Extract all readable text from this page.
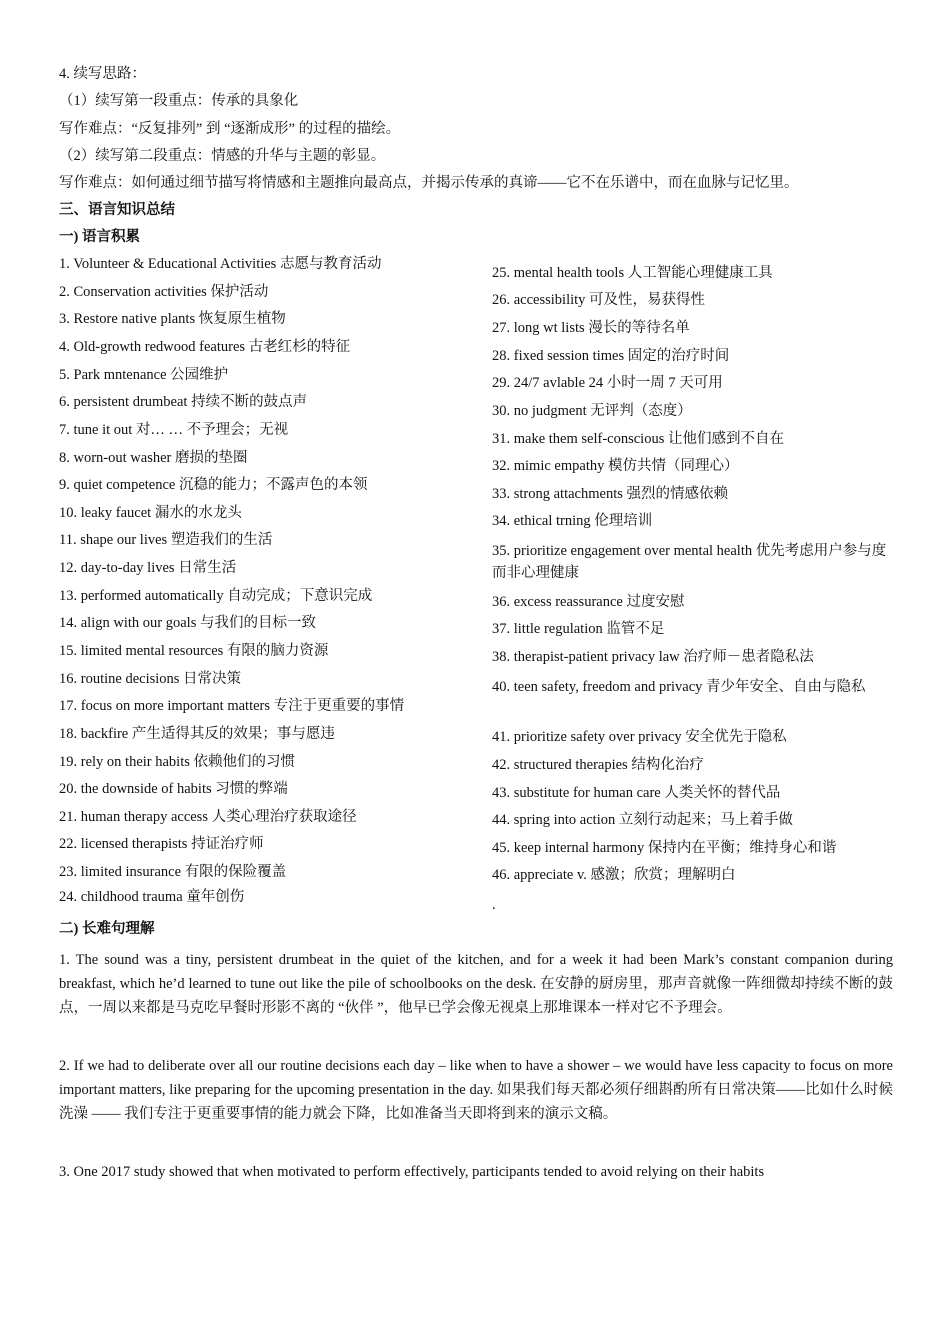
4. 续写思路：
（1）续写第一段重点：传承的具象化
写作难点：“反复排列” 到 “逐渐成形” 的过程的描绘。
（2）续写第二段重点：情感的升华与主题的彰显。
写作难点：如何通过细节描写将情感和主题推向最高点，并揭示传承的真谛——它不在乐谱中，而在血脉与记忆里。
三、语言知识总结
一) 语言积累
1. Volunteer & Educational Activities 志愿与教育活动
2. Conservation activities 保护活动
3. Restore native plants 恢复原生植物
4. Old-growth redwood features 古老红杉的特征
5. Park mntenance 公园维护
6. persistent drumbeat 持续不断的鼓点声
7. tune it out 对… … 不予理会；无视
8. worn-out washer 磨损的垫圈
9. quiet competence 沉稳的能力；不露声色的本领
10. leaky faucet 漏水的水龙头
11. shape our lives 塑造我们的生活
12. day-to-day lives 日常生活
13. performed automatically 自动完成；下意识完成
14. align with our goals 与我们的目标一致
15. limited mental resources 有限的脑力资源
16. routine decisions 日常决策
17. focus on more important matters 专注于更重要的事情
18. backfire 产生适得其反的效果；事与愿违
19. rely on their habits 依赖他们的习惯
20. the downside of habits 习惯的弊端
21. human therapy access 人类心理治疗获取途径
22. licensed therapists 持证治疗师
23. limited insurance 有限的保险覆盖
24. childhood trauma 童年创伤
25. mental health tools 人工智能心理健康工具
26. accessibility 可及性，易获得性
27. long wt lists 漫长的等待名单
28. fixed session times 固定的治疗时间
29. 24/7 avlable 24 小时一周 7 天可用
30. no judgment 无评判（态度）
31. make them self-conscious 让他们感到不自在
32. mimic empathy 模仿共情（同理心）
33. strong attachments 强烈的情感依赖
34. ethical trning 伦理培训
35. prioritize engagement over mental health 优先考虑用户参与度而非心理健康
36. excess reassurance 过度安慰
37. little regulation 监管不足
38. therapist-patient privacy law 治疗师－患者隐私法
40. teen safety, freedom and privacy 青少年安全、自由与隐私
41. prioritize safety over privacy 安全优先于隐私
42. structured therapies 结构化治疗
43. substitute for human care 人类关怀的替代品
44. spring into action 立刻行动起来；马上着手做
45. keep internal harmony 保持内在平衡；维持身心和谐
46. appreciate v. 感激；欣赏；理解明白
.
二) 长难句理解
1. The sound was a tiny, persistent drumbeat in the quiet of the kitchen, and for a week it had been Mark’s constant companion during breakfast, which he’d learned to tune out like the pile of schoolbooks on the desk. 在安静的厨房里，那声音就像一阵细微却持续不断的鼓点，一周以来都是马克吃早餐时形影不离的 “伙伴 ”，他早已学会像无视桌上那堆课本一样对它不予理会。
2. If we had to deliberate over all our routine decisions each day – like when to have a shower – we would have less capacity to focus on more important matters, like preparing for the upcoming presentation in the day. 如果我们每天都必须仔细斟酌所有日常决策——比如什么时候洗澡 —— 我们专注于更重要事情的能力就会下降，比如准备当天即将到来的演示文稿。
3. One 2017 study showed that when motivated to perform effectively, participants tended to avoid relying on their habits
